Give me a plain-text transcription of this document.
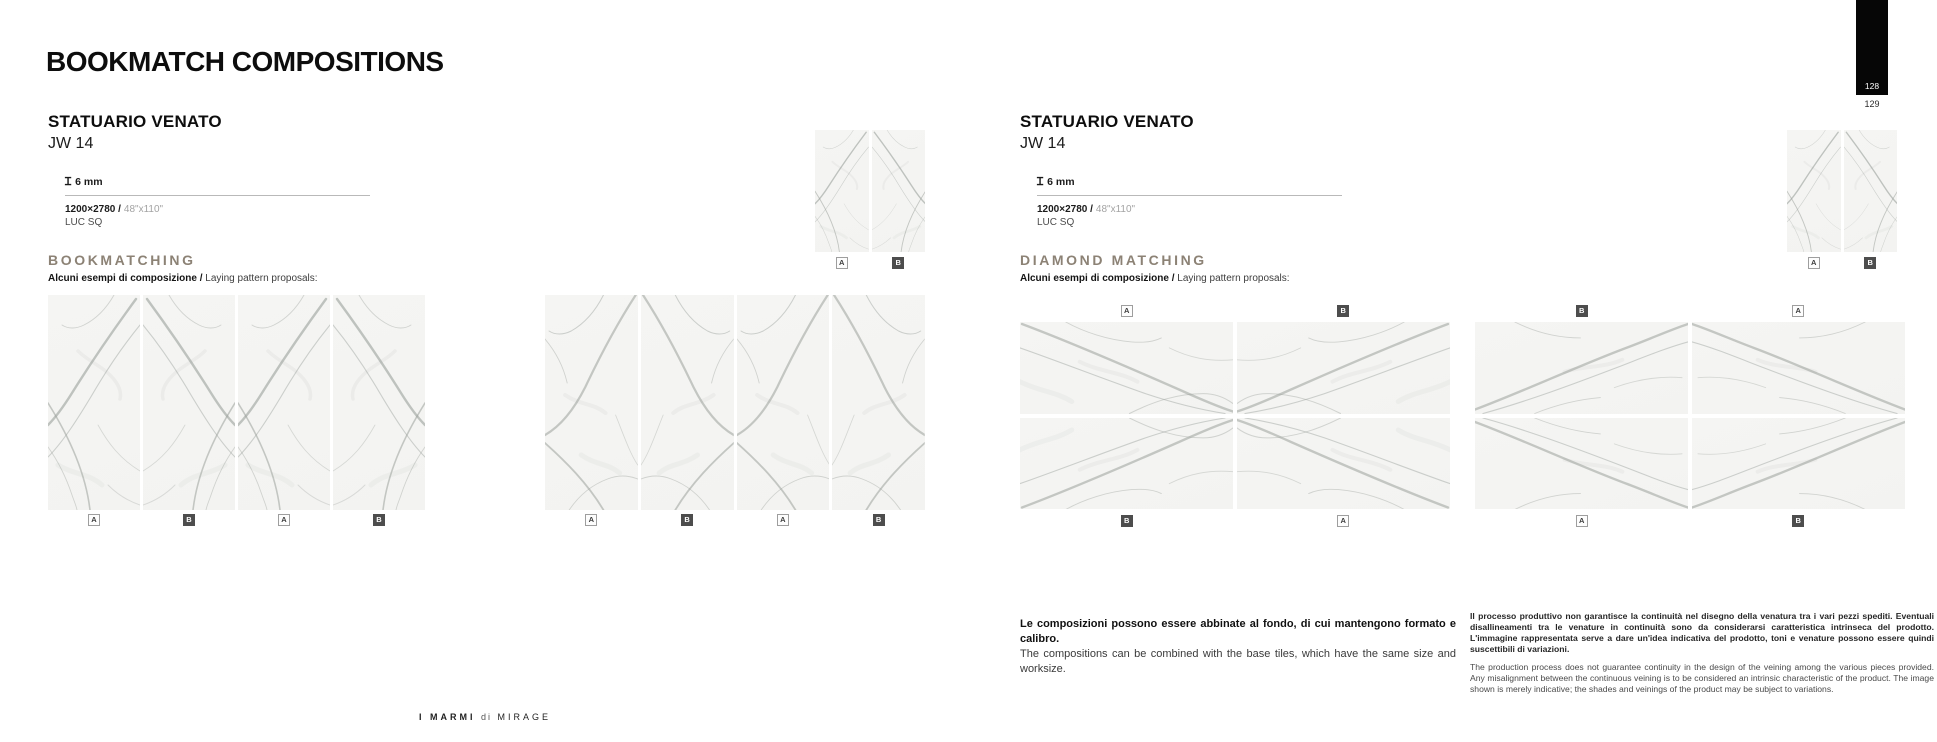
BOOKMATCH COMPOSITIONS
128
129
STATUARIO VENATO
JW 14
Ɪ 6 mm
1200×2780 / 48"x110"
LUC SQ
BOOKMATCHING
Alcuni esempi di composizione / Laying pattern proposals:
A	B
A	B	A	B	A	B	A	B
STATUARIO VENATO
JW 14
Ɪ 6 mm
1200×2780 / 48"x110"
LUC SQ
DIAMOND MATCHING
Alcuni esempi di composizione / Laying pattern proposals:
A	B
A	B
B	A
B	A
A	B
Le composizioni possono essere abbinate al fondo, di cui mantengono formato e calibro.
The compositions can be combined with the base tiles, which have the same size and worksize.
Il processo produttivo non garantisce la continuità nel disegno della venatura tra i vari pezzi spediti. Eventuali disallineamenti tra le venature in continuità sono da considerarsi caratteristica intrinseca del prodotto. L'immagine rappresentata serve a dare un'idea indicativa del prodotto, toni e venature possono essere quindi suscettibili di variazioni.
The production process does not guarantee continuity in the design of the veining among the various pieces provided. Any misalignment between the continuous veining is to be considered an intrinsic characteristic of the product. The image shown is merely indicative; the shades and veinings of the product may be subject to variations.
I MARMI di MIRAGE
